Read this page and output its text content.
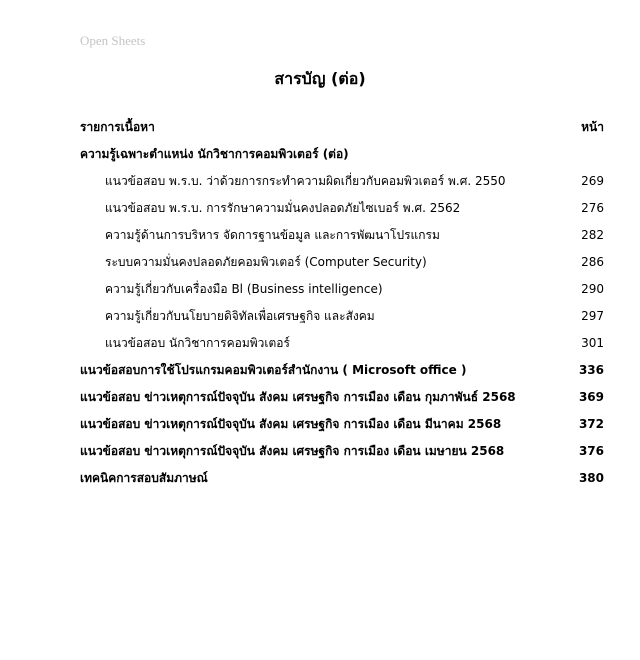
Open Sheets
สารบัญ (ต่อ)
รายการเนื้อหา	หน้า
ความรู้เฉพาะตำแหน่ง นักวิชาการคอมพิวเตอร์ (ต่อ)
แนวข้อสอบ พ.ร.บ. ว่าด้วยการกระทำความผิดเกี่ยวกับคอมพิวเตอร์ พ.ศ. 2550	269
แนวข้อสอบ พ.ร.บ. การรักษาความมั่นคงปลอดภัยไซเบอร์ พ.ศ. 2562	276
ความรู้ด้านการบริหาร จัดการฐานข้อมูล และการพัฒนาโปรแกรม	282
ระบบความมั่นคงปลอดภัยคอมพิวเตอร์ (Computer Security)	286
ความรู้เกี่ยวกับเครื่องมือ Bl (Business intelligence)	290
ความรู้เกี่ยวกับนโยบายดิจิทัลเพื่อเศรษฐกิจ และสังคม	297
แนวข้อสอบ นักวิชาการคอมพิวเตอร์	301
แนวข้อสอบการใช้โปรแกรมคอมพิวเตอร์สำนักงาน ( Microsoft office )	336
แนวข้อสอบ ข่าวเหตุการณ์ปัจจุบัน สังคม เศรษฐกิจ การเมือง เดือน กุมภาพันธ์ 2568	369
แนวข้อสอบ ข่าวเหตุการณ์ปัจจุบัน สังคม เศรษฐกิจ การเมือง เดือน มีนาคม 2568	372
แนวข้อสอบ ข่าวเหตุการณ์ปัจจุบัน สังคม เศรษฐกิจ การเมือง เดือน เมษายน 2568	376
เทคนิคการสอบสัมภาษณ์	380
